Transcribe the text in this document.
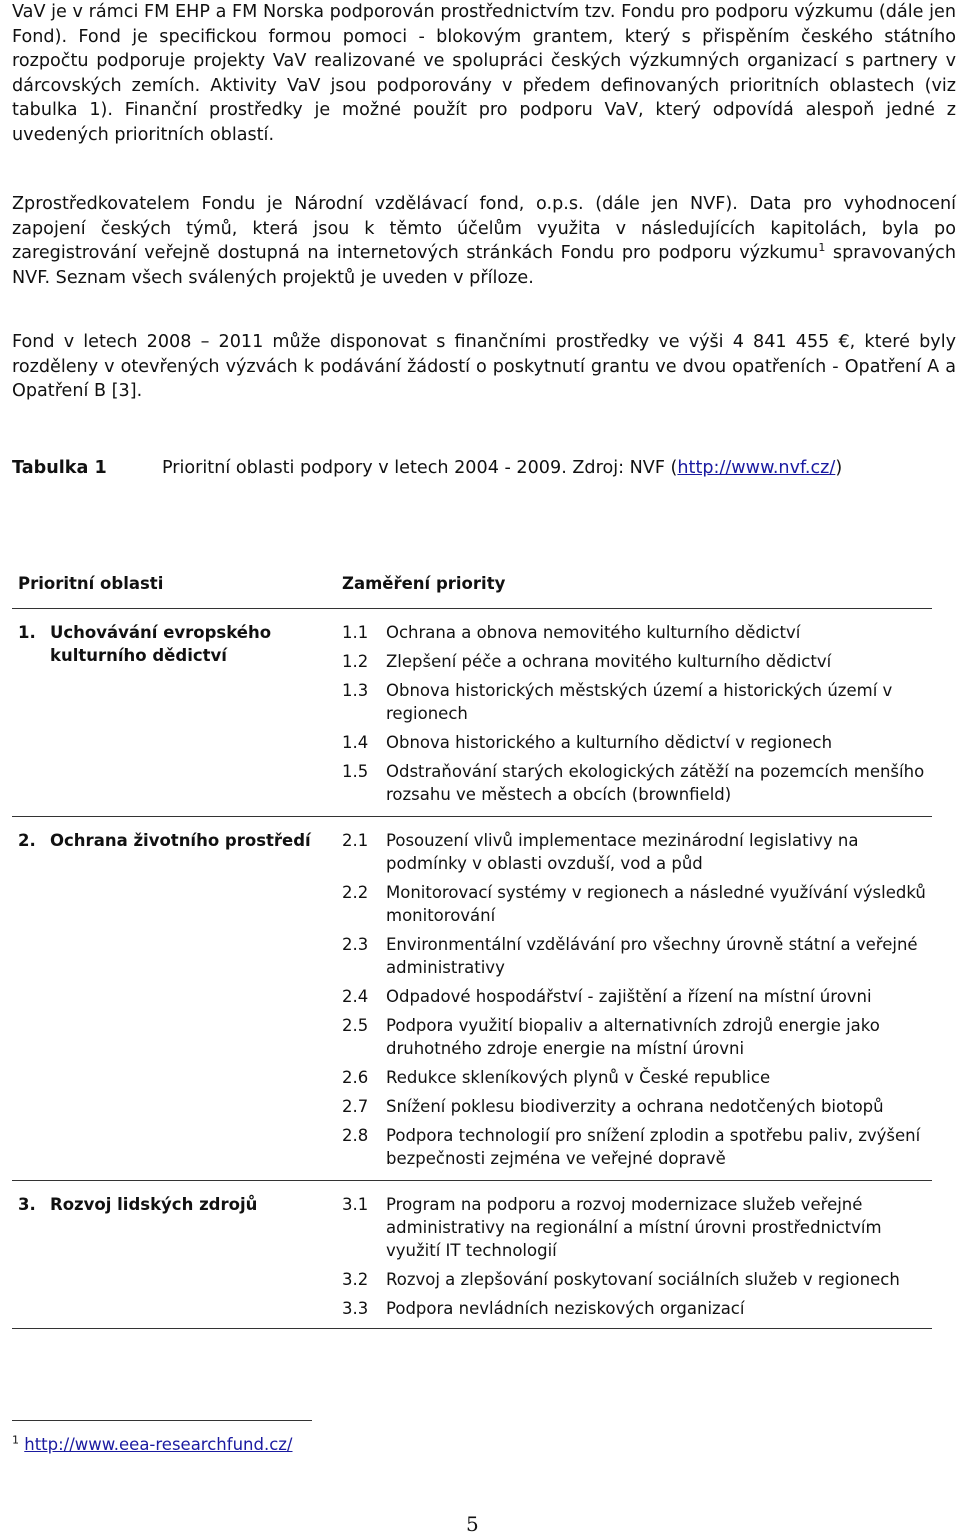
VaV je v rámci FM EHP a FM Norska podporován prostřednictvím tzv. Fondu pro podporu výzkumu (dále jen Fond). Fond je specifickou formou pomoci - blokovým grantem, který s přispěním českého státního rozpočtu podporuje projekty VaV realizované ve spolupráci českých výzkumných organizací s partnery v dárcovských zemích. Aktivity VaV jsou podporovány v předem definovaných prioritních oblastech (viz tabulka 1). Finanční prostředky je možné použít pro podporu VaV, který odpovídá alespoň jedné z uvedených prioritních oblastí.

Zprostředkovatelem Fondu je Národní vzdělávací fond, o.p.s. (dále jen NVF). Data pro vyhodnocení zapojení českých týmů, která jsou k těmto účelům využita v následujících kapitolách, byla po zaregistrování veřejně dostupná na internetových stránkách Fondu pro podporu výzkumu$^1$ spravovaných NVF. Seznam všech sválených projektů je uveden v příloze.

Fond v letech 2008 – 2011 může disponovat s finančními prostředky ve výši 4 841 455 €, které byly rozděleny v otevřených výzvách k podávání žádostí o poskytnutí grantu ve dvou opatřeních - Opatření A a Opatření B [3].

Tabulka 1	Prioritní oblasti podpory v letech 2004 - 2009. Zdroj: NVF (http://www.nvf.cz/)
Prioritní oblasti	Zaměření priority
1. Uchovávání evropského kulturního dědictví
1.1	Ochrana a obnova nemovitého kulturního dědictví
1.2	Zlepšení péče a ochrana movitého kulturního dědictví
1.3	Obnova historických městských území a historických území v regionech
1.4	Obnova historického a kulturního dědictví v regionech
1.5	Odstraňování starých ekologických zátěží na pozemcích menšího rozsahu ve městech a obcích (brownfield)
2. Ochrana životního prostředí	2.1	Posouzení vlivů implementace mezinárodní legislativy na podmínky v oblasti ovzduší, vod a půd
2.2	Monitorovací systémy v regionech a následné využívání výsledků monitorování
2.3	Environmentální vzdělávání pro všechny úrovně státní a veřejné administrativy
2.4	Odpadové hospodářství - zajištění a řízení na místní úrovni
2.5	Podpora využití biopaliv a alternativních zdrojů energie jako druhotného zdroje energie na místní úrovni
2.6	Redukce skleníkových plynů v České republice
2.7	Snížení poklesu biodiverzity a ochrana nedotčených biotopů
2.8	Podpora technologií pro snížení zplodin a spotřebu paliv, zvýšení bezpečnosti zejména ve veřejné dopravě
3. Rozvoj lidských zdrojů	3.1	Program na podporu a rozvoj modernizace služeb veřejné administrativy na regionální a místní úrovni prostřednictvím využití IT technologií
3.2	Rozvoj a zlepšování poskytovaní sociálních služeb v regionech
3.3	Podpora nevládních neziskových organizací
$^1$ http://www.eea-researchfund.cz/
5
